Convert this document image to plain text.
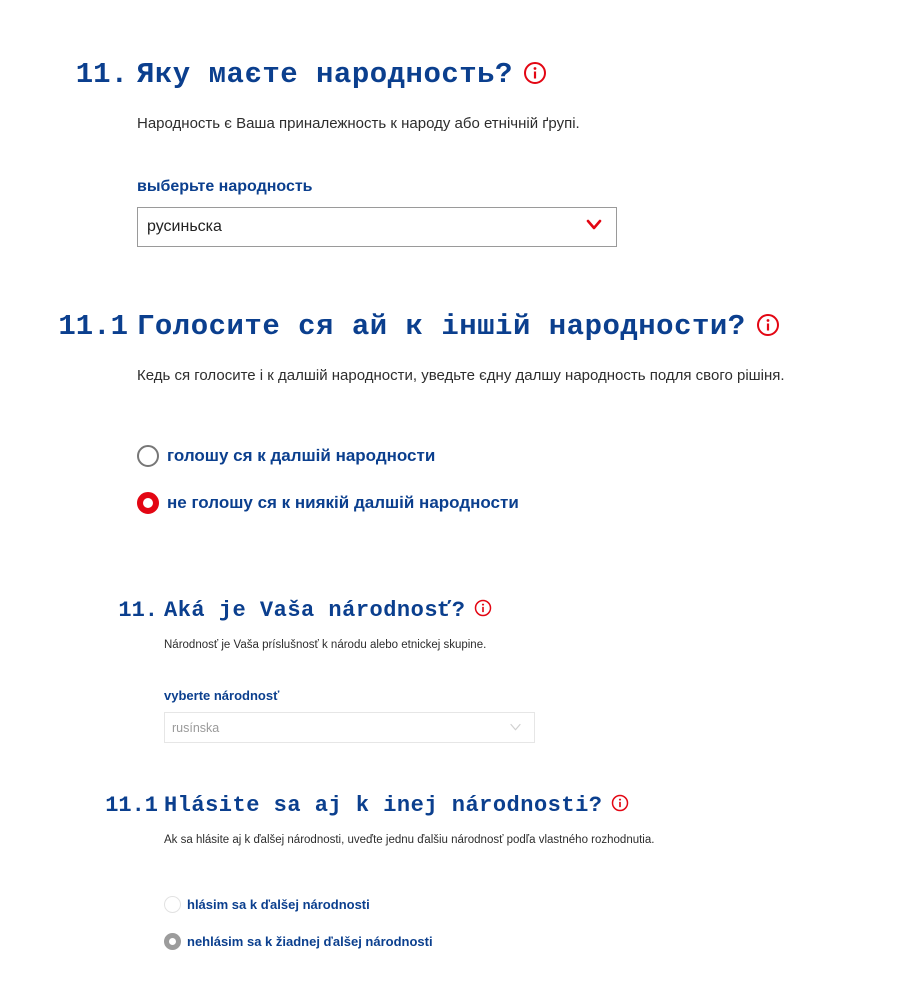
11. Яку маєте народность?
Народность є Ваша приналежность к народу або етнічній ґрупі.
выберьте народность
русиньска
11.1 Голосите ся ай к іншій народности?
Кедь ся голосите і к далшій народности, уведьте єдну далшу народность подля свого рішіня.
голошу ся к далшій народности
не голошу ся к ниякій далшій народности
11. Aká je Vaša národnosť?
Národnosť je Vaša príslušnosť k národu alebo etnickej skupine.
vyberte národnosť
rusínska
11.1 Hlásite sa aj k inej národnosti?
Ak sa hlásite aj k ďalšej národnosti, uveďte jednu ďalšiu národnosť podľa vlastného rozhodnutia.
hlásim sa k ďalšej národnosti
nehlásim sa k žiadnej ďalšej národnosti
